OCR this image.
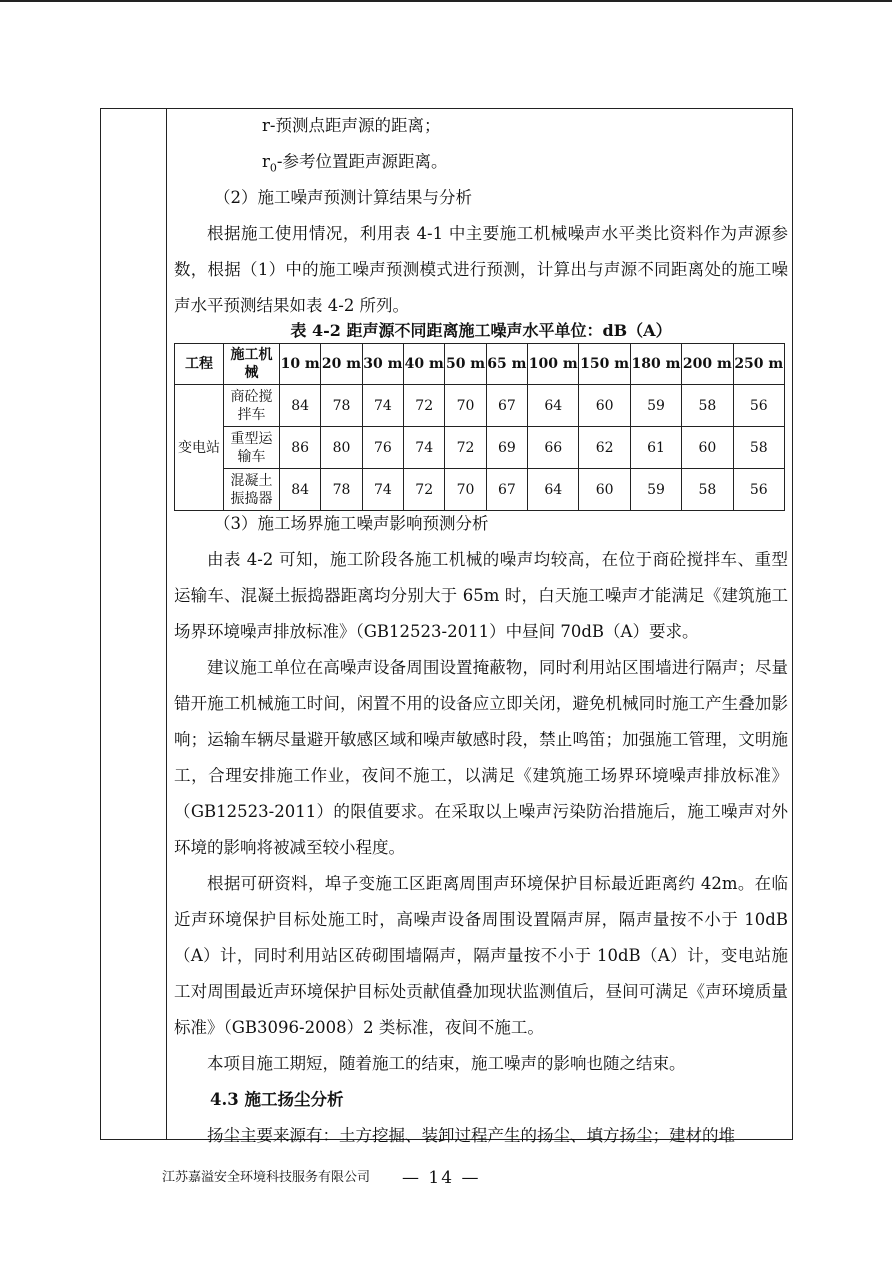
r-预测点距声源的距离；
$r_0-$参考位置距声源距离。
（2）施工噪声预测计算结果与分析

根据施工使用情况，利用表 4-1 中主要施工机械噪声水平类比资料作为声源参数，根据（1）中的施工噪声预测模式进行预测，计算出与声源不同距离处的施工噪声水平预测结果如表 4-2 所列。

表 4-2 距声源不同距离施工噪声水平单位：dB（A）
工程	施工机械	10 m	20 m	30 m	40 m	50 m	65 m	100 m	150 m	180 m	200 m	250 m
变电站	商砼搅拌车	84	78	74	72	70	67	64	60	59	58	56
	重型运输车	86	80	76	74	72	69	66	62	61	60	58
	混凝土振捣器	84	78	74	72	70	67	64	60	59	58	56

（3）施工场界施工噪声影响预测分析

由表 4-2 可知，施工阶段各施工机械的噪声均较高，在位于商砼搅拌车、重型运输车、混凝土振捣器距离均分别大于 65m 时，白天施工噪声才能满足《建筑施工场界环境噪声排放标准》（GB12523-2011）中昼间 70dB（A）要求。

建议施工单位在高噪声设备周围设置掩蔽物，同时利用站区围墙进行隔声；尽量错开施工机械施工时间，闲置不用的设备应立即关闭，避免机械同时施工产生叠加影响；运输车辆尽量避开敏感区域和噪声敏感时段，禁止鸣笛；加强施工管理，文明施工，合理安排施工作业，夜间不施工，以满足《建筑施工场界环境噪声排放标准》（GB12523-2011）的限值要求。在采取以上噪声污染防治措施后，施工噪声对外环境的影响将被减至较小程度。

根据可研资料，埠子变施工区距离周围声环境保护目标最近距离约 42m。在临近声环境保护目标处施工时，高噪声设备周围设置隔声屏，隔声量按不小于 10dB（A）计，同时利用站区砖砌围墙隔声，隔声量按不小于 10dB（A）计，变电站施工对周围最近声环境保护目标处贡献值叠加现状监测值后，昼间可满足《声环境质量标准》（GB3096-2008）2 类标准，夜间不施工。

本项目施工期短，随着施工的结束，施工噪声的影响也随之结束。

4.3 施工扬尘分析

扬尘主要来源有：土方挖掘、装卸过程产生的扬尘、填方扬尘；建材的堆

江苏嘉溢安全环境科技服务有限公司 — 14 —
